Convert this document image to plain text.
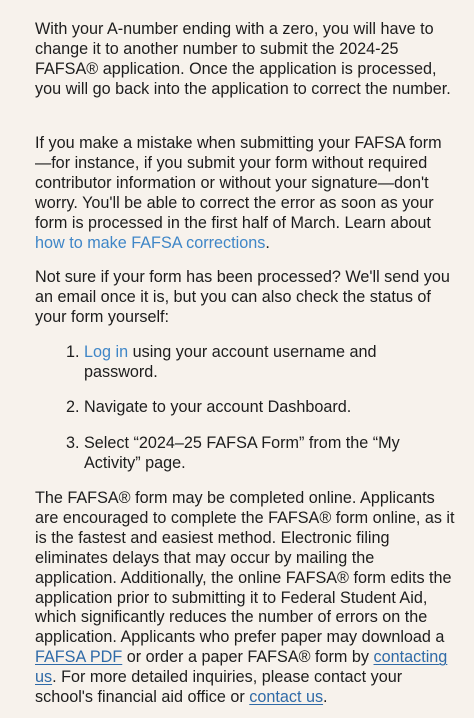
With your A-number ending with a zero, you will have to change it to another number to submit the 2024-25 FAFSA® application. Once the application is processed, you will go back into the application to correct the number.

If you make a mistake when submitting your FAFSA form —for instance, if you submit your form without required contributor information or without your signature—don't worry. You'll be able to correct the error as soon as your form is processed in the first half of March. Learn about how to make FAFSA corrections.

Not sure if your form has been processed? We'll send you an email once it is, but you can also check the status of your form yourself:

1. Log in using your account username and password.
2. Navigate to your account Dashboard.
3. Select “2024–25 FAFSA Form” from the “My Activity” page.

The FAFSA® form may be completed online. Applicants are encouraged to complete the FAFSA® form online, as it is the fastest and easiest method. Electronic filing eliminates delays that may occur by mailing the application. Additionally, the online FAFSA® form edits the application prior to submitting it to Federal Student Aid, which significantly reduces the number of errors on the application. Applicants who prefer paper may download a FAFSA PDF or order a paper FAFSA® form by contacting us. For more detailed inquiries, please contact your school's financial aid office or contact us.
